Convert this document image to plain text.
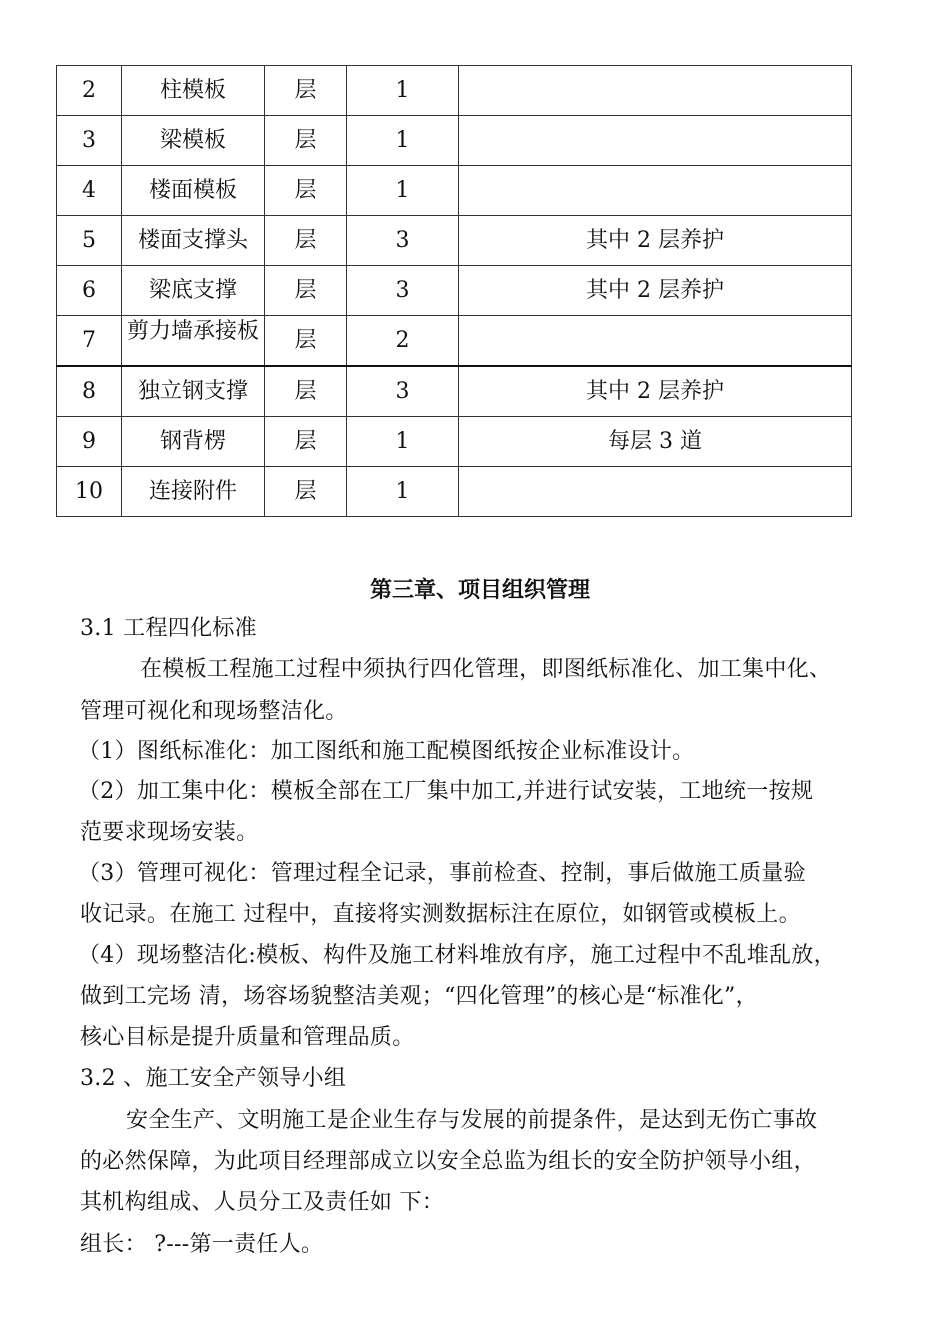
2	柱模板	层	1	
3	梁模板	层	1	
4	楼面模板	层	1	
5	楼面支撑头	层	3	其中 2 层养护
6	梁底支撑	层	3	其中 2 层养护
7	剪力墙承接板	层	2	
8	独立钢支撑	层	3	其中 2 层养护
9	钢背楞	层	1	每层 3 道
10	连接附件	层	1	
第三章、项目组织管理
3.1 工程四化标准
在模板工程施工过程中须执行四化管理，即图纸标准化、加工集中化、
管理可视化和现场整洁化。
（1）图纸标准化：加工图纸和施工配模图纸按企业标准设计。
（2）加工集中化：模板全部在工厂集中加工,并进行试安装，工地统一按规
范要求现场安装。
（3）管理可视化：管理过程全记录，事前检查、控制，事后做施工质量验
收记录。在施工 过程中，直接将实测数据标注在原位，如钢管或模板上。
（4）现场整洁化:模板、构件及施工材料堆放有序，施工过程中不乱堆乱放，
做到工完场 清，场容场貌整洁美观；“四化管理”的核心是“标准化”，
核心目标是提升质量和管理品质。
3.2 、施工安全产领导小组
安全生产、文明施工是企业生存与发展的前提条件，是达到无伤亡事故
的必然保障，为此项目经理部成立以安全总监为组长的安全防护领导小组，
其机构组成、人员分工及责任如 下：
组长： ?---第一责任人。
